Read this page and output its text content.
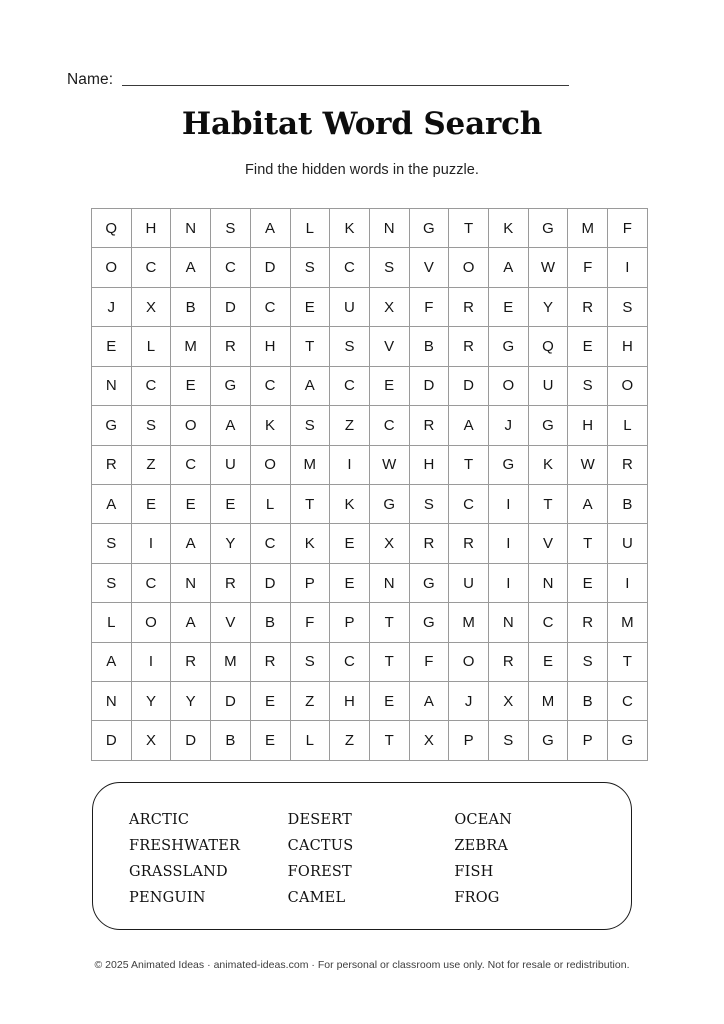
Name:
Habitat Word Search
Find the hidden words in the puzzle.
Q	H	N	S	A	L	K	N	G	T	K	G	M	F
O	C	A	C	D	S	C	S	V	O	A	W	F	I
J	X	B	D	C	E	U	X	F	R	E	Y	R	S
E	L	M	R	H	T	S	V	B	R	G	Q	E	H
N	C	E	G	C	A	C	E	D	D	O	U	S	O
G	S	O	A	K	S	Z	C	R	A	J	G	H	L
R	Z	C	U	O	M	I	W	H	T	G	K	W	R
A	E	E	E	L	T	K	G	S	C	I	T	A	B
S	I	A	Y	C	K	E	X	R	R	I	V	T	U
S	C	N	R	D	P	E	N	G	U	I	N	E	I
L	O	A	V	B	F	P	T	G	M	N	C	R	M
A	I	R	M	R	S	C	T	F	O	R	E	S	T
N	Y	Y	D	E	Z	H	E	A	J	X	M	B	C
D	X	D	B	E	L	Z	T	X	P	S	G	P	G
ARCTIC
FRESHWATER
GRASSLAND
PENGUIN
DESERT
CACTUS
FOREST
CAMEL
OCEAN
ZEBRA
FISH
FROG
© 2025 Animated Ideas · animated-ideas.com · For personal or classroom use only. Not for resale or redistribution.
